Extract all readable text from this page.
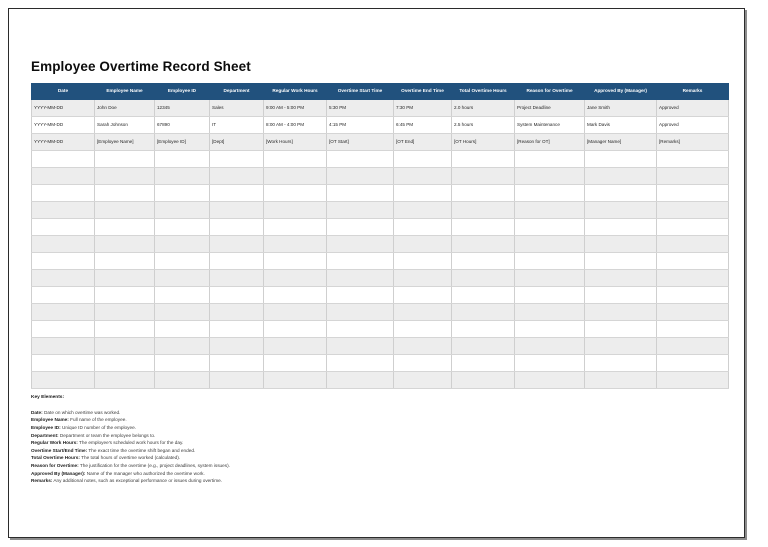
Employee Overtime Record Sheet
Date	Employee Name	Employee ID	Department	Regular Work Hours	Overtime Start Time	Overtime End Time	Total Overtime Hours	Reason for Overtime	Approved By (Manager)	Remarks
YYYY-MM-DD	John Doe	12345	Sales	9:00 AM - 5:00 PM	5:30 PM	7:30 PM	2.0 hours	Project Deadline	Jane Smith	Approved
YYYY-MM-DD	Sarah Johnson	67890	IT	8:00 AM - 4:00 PM	4:15 PM	6:45 PM	2.5 hours	System Maintenance	Mark Davis	Approved
YYYY-MM-DD	[Employee Name]	[Employee ID]	[Dept]	[Work Hours]	[OT Start]	[OT End]	[OT Hours]	[Reason for OT]	[Manager Name]	[Remarks]

Key Elements:
Date: Date on which overtime was worked.
Employee Name: Full name of the employee.
Employee ID: Unique ID number of the employee.
Department: Department or team the employee belongs to.
Regular Work Hours: The employee's scheduled work hours for the day.
Overtime Start/End Time: The exact time the overtime shift began and ended.
Total Overtime Hours: The total hours of overtime worked (calculated).
Reason for Overtime: The justification for the overtime (e.g., project deadlines, system issues).
Approved By (Manager): Name of the manager who authorized the overtime work.
Remarks: Any additional notes, such as exceptional performance or issues during overtime.
